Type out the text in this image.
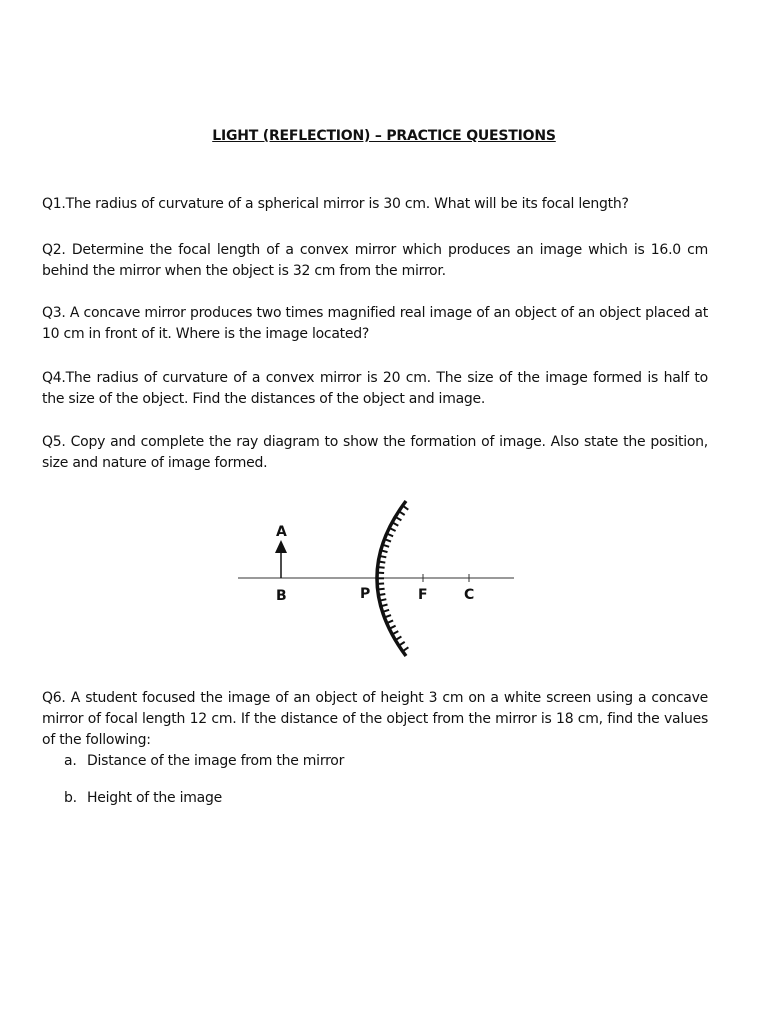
LIGHT (REFLECTION) – PRACTICE QUESTIONS
Q1.The radius of curvature of a spherical mirror is 30 cm. What will be its focal length?
Q2. Determine the focal length of a convex mirror which produces an image which is 16.0 cm behind the mirror when the object is 32 cm from the mirror.
Q3. A concave mirror produces two times magnified real image of an object of an object placed at 10 cm in front of it. Where is the image located?
Q4.The radius of curvature of a convex mirror is 20 cm. The size of the image formed is half to the size of the object. Find the distances of the object and image.
Q5. Copy and complete the ray diagram to show the formation of image. Also state the position, size and nature of image formed.
A
B	P	F	C
Q6. A student focused the image of an object of height 3 cm on a white screen using a concave mirror of focal length 12 cm. If the distance of the object from the mirror is 18 cm, find the values of the following:
a. Distance of the image from the mirror
b. Height of the image
